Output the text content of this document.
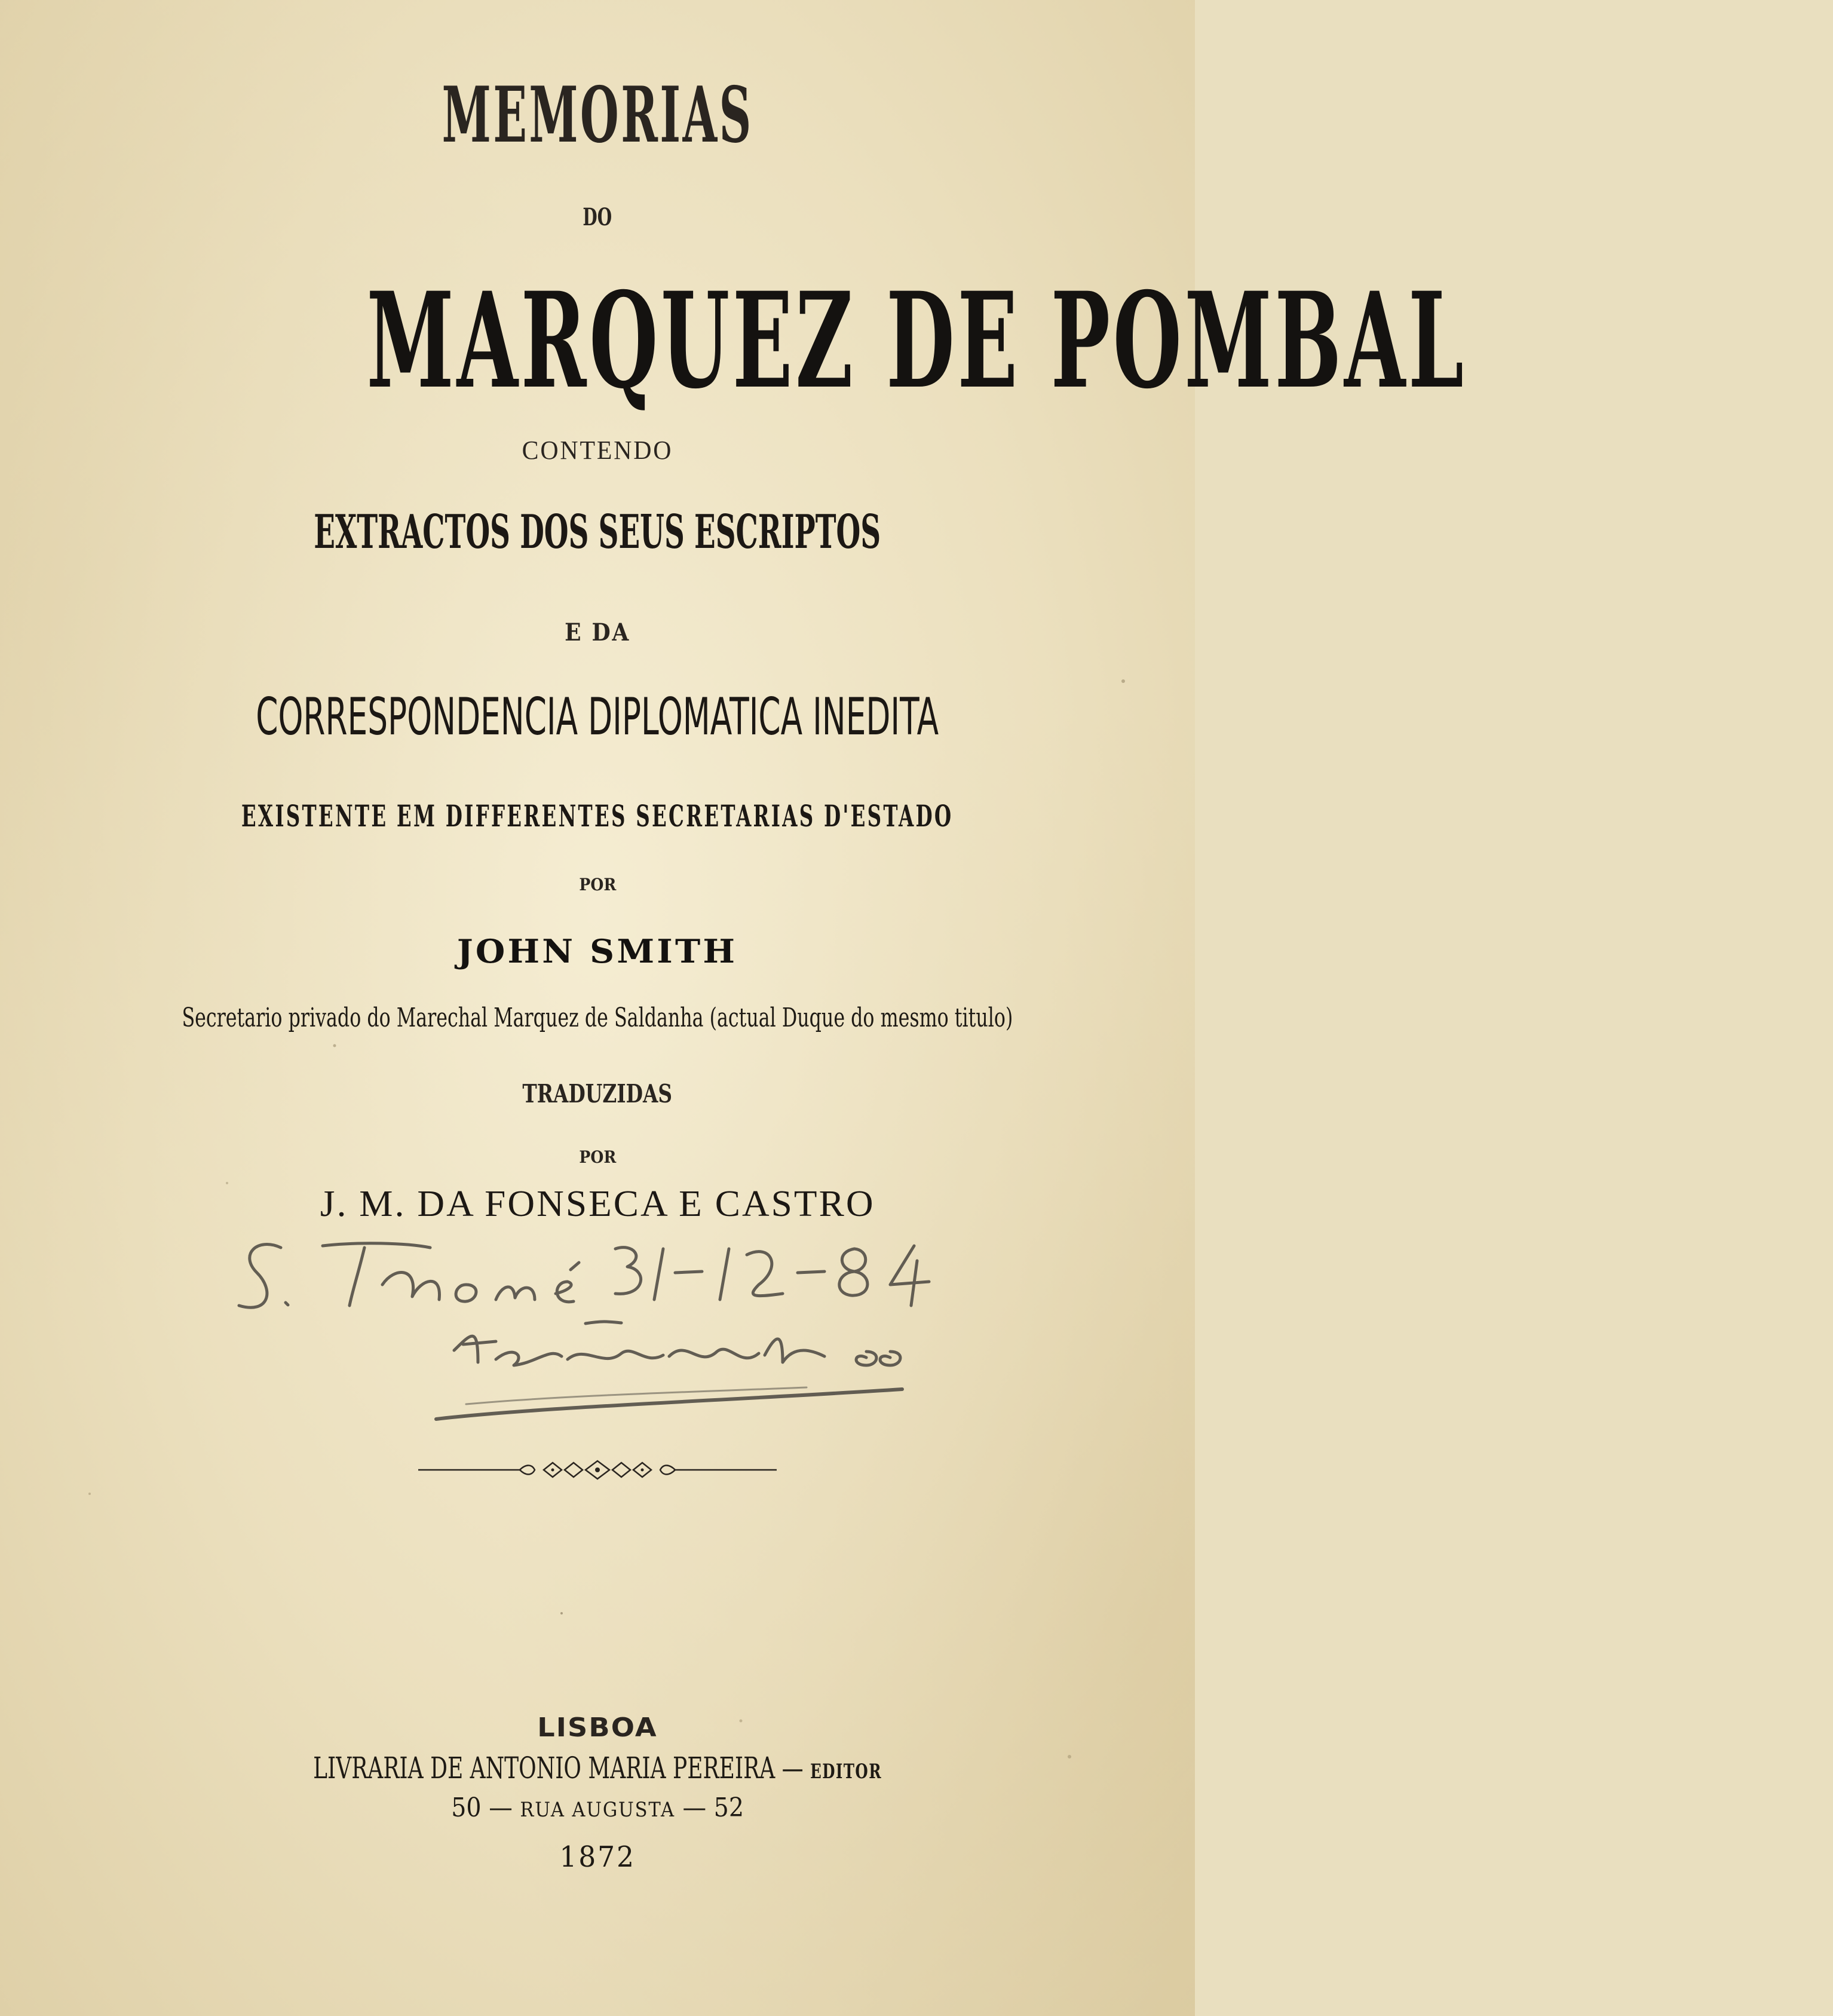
MEMORIAS
DO
MARQUEZ DE POMBAL
CONTENDO
EXTRACTOS DOS SEUS ESCRIPTOS
E DA
CORRESPONDENCIA DIPLOMATICA INEDITA
EXISTENTE EM DIFFERENTES SECRETARIAS D'ESTADO
POR
JOHN SMITH
Secretario privado do Marechal Marquez de Saldanha (actual Duque do mesmo titulo)
TRADUZIDAS
POR
J. M. DA FONSECA E CASTRO
LISBOA
LIVRARIA DE ANTONIO MARIA PEREIRA — EDITOR
50 — RUA AUGUSTA — 52
1872
